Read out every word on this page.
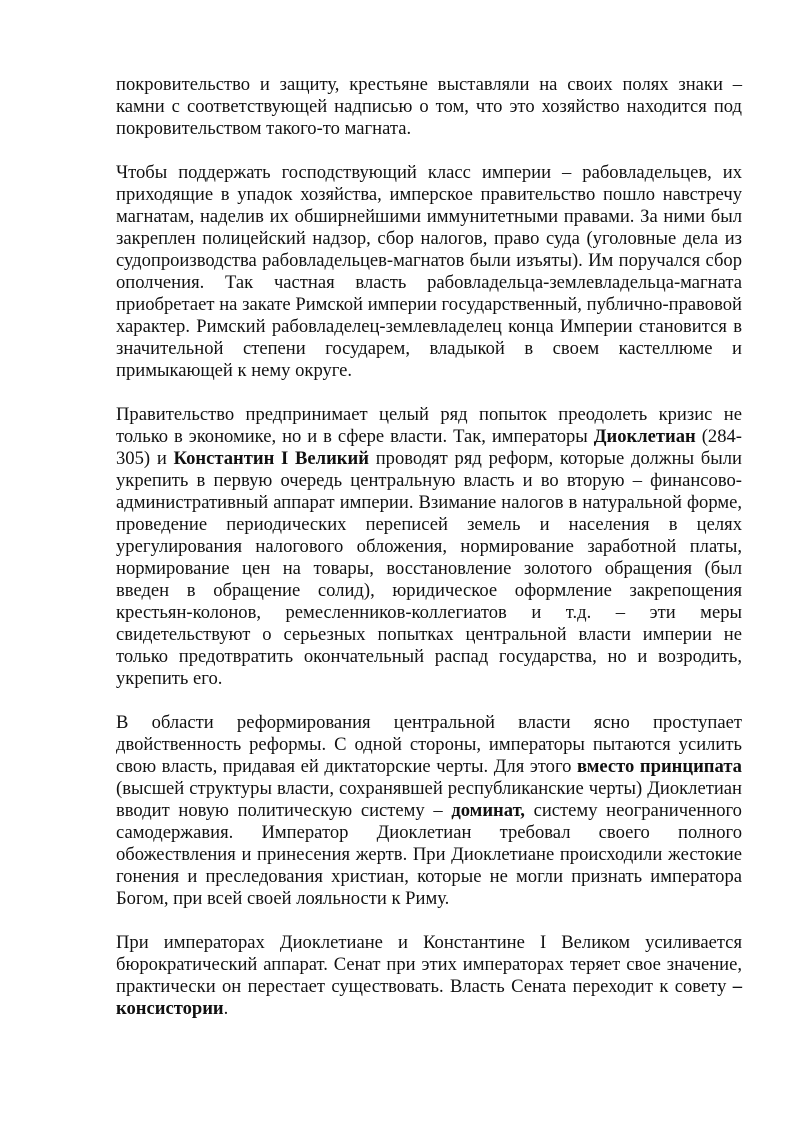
покровительство и защиту, крестьяне выставляли на своих полях знаки – камни с соответствующей надписью о том, что это хозяйство находится под покровительством такого-то магната.

Чтобы поддержать господствующий класс империи – рабовладельцев, их приходящие в упадок хозяйства, имперское правительство пошло навстречу магнатам, наделив их обширнейшими иммунитетными правами. За ними был закреплен полицейский надзор, сбор налогов, право суда (уголовные дела из судопроизводства рабовладельцев-магнатов были изъяты). Им поручался сбор ополчения. Так частная власть рабовладельца-землевладельца-магната приобретает на закате Римской империи государственный, публично-правовой характер. Римский рабовладелец-землевладелец конца Империи становится в значительной степени государем, владыкой в своем кастеллюме и примыкающей к нему округе.

Правительство предпринимает целый ряд попыток преодолеть кризис не только в экономике, но и в сфере власти. Так, императоры Диоклетиан (284-305) и Константин I Великий проводят ряд реформ, которые должны были укрепить в первую очередь центральную власть и во вторую – финансово-административный аппарат империи. Взимание налогов в натуральной форме, проведение периодических переписей земель и населения в целях урегулирования налогового обложения, нормирование заработной платы, нормирование цен на товары, восстановление золотого обращения (был введен в обращение солид), юридическое оформление закрепощения крестьян-колонов, ремесленников-коллегиатов и т.д. – эти меры свидетельствуют о серьезных попытках центральной власти империи не только предотвратить окончательный распад государства, но и возродить, укрепить его.

В области реформирования центральной власти ясно проступает двойственность реформы. С одной стороны, императоры пытаются усилить свою власть, придавая ей диктаторские черты. Для этого вместо принципата (высшей структуры власти, сохранявшей республиканские черты) Диоклетиан вводит новую политическую систему – доминат, систему неограниченного самодержавия. Император Диоклетиан требовал своего полного обожествления и принесения жертв. При Диоклетиане происходили жестокие гонения и преследования христиан, которые не могли признать императора Богом, при всей своей лояльности к Риму.

При императорах Диоклетиане и Константине I Великом усиливается бюрократический аппарат. Сенат при этих императорах теряет свое значение, практически он перестает существовать. Власть Сената переходит к совету – консистории.
